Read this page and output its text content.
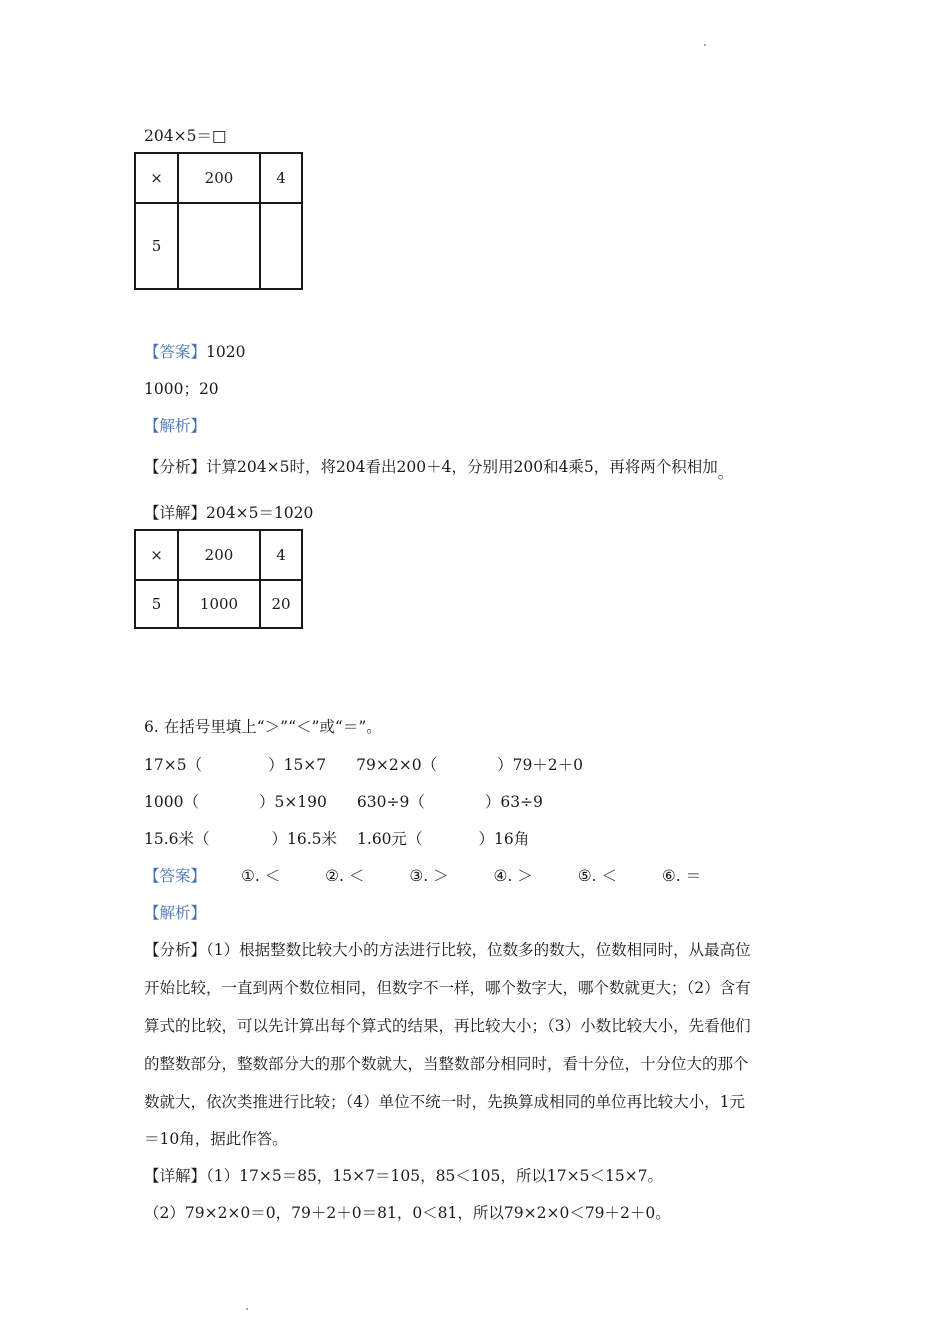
204×5＝□
×	200	4
5		
【答案】1020
1000；20
【解析】
【分析】计算204×5时，将204看出200＋4，分别用200和4乘5，再将两个积相加。
【详解】204×5＝1020
×	200	4
5	1000	20
6. 在括号里填上“＞”“＜”或“＝”。
17×5（	）15×7 79×2×0（	）79＋2＋0
1000（	）5×190 630÷9（	）63÷9
15.6米（	）16.5米 1.60元（	）16角
【答案】 ①. ＜	②. ＜	③. ＞	④. ＞	⑤. ＜	⑥. ＝
【解析】
【分析】（1）根据整数比较大小的方法进行比较，位数多的数大，位数相同时，从最高位
开始比较，一直到两个数位相同，但数字不一样，哪个数字大，哪个数就更大；（2）含有
算式的比较，可以先计算出每个算式的结果，再比较大小；（3）小数比较大小，先看他们
的整数部分，整数部分大的那个数就大，当整数部分相同时，看十分位，十分位大的那个
数就大，依次类推进行比较；（4）单位不统一时，先换算成相同的单位再比较大小，1元
＝10角，据此作答。
【详解】（1）17×5＝85，15×7＝105，85＜105，所以17×5＜15×7。
（2）79×2×0＝0，79＋2＋0＝81，0＜81，所以79×2×0＜79＋2＋0。
